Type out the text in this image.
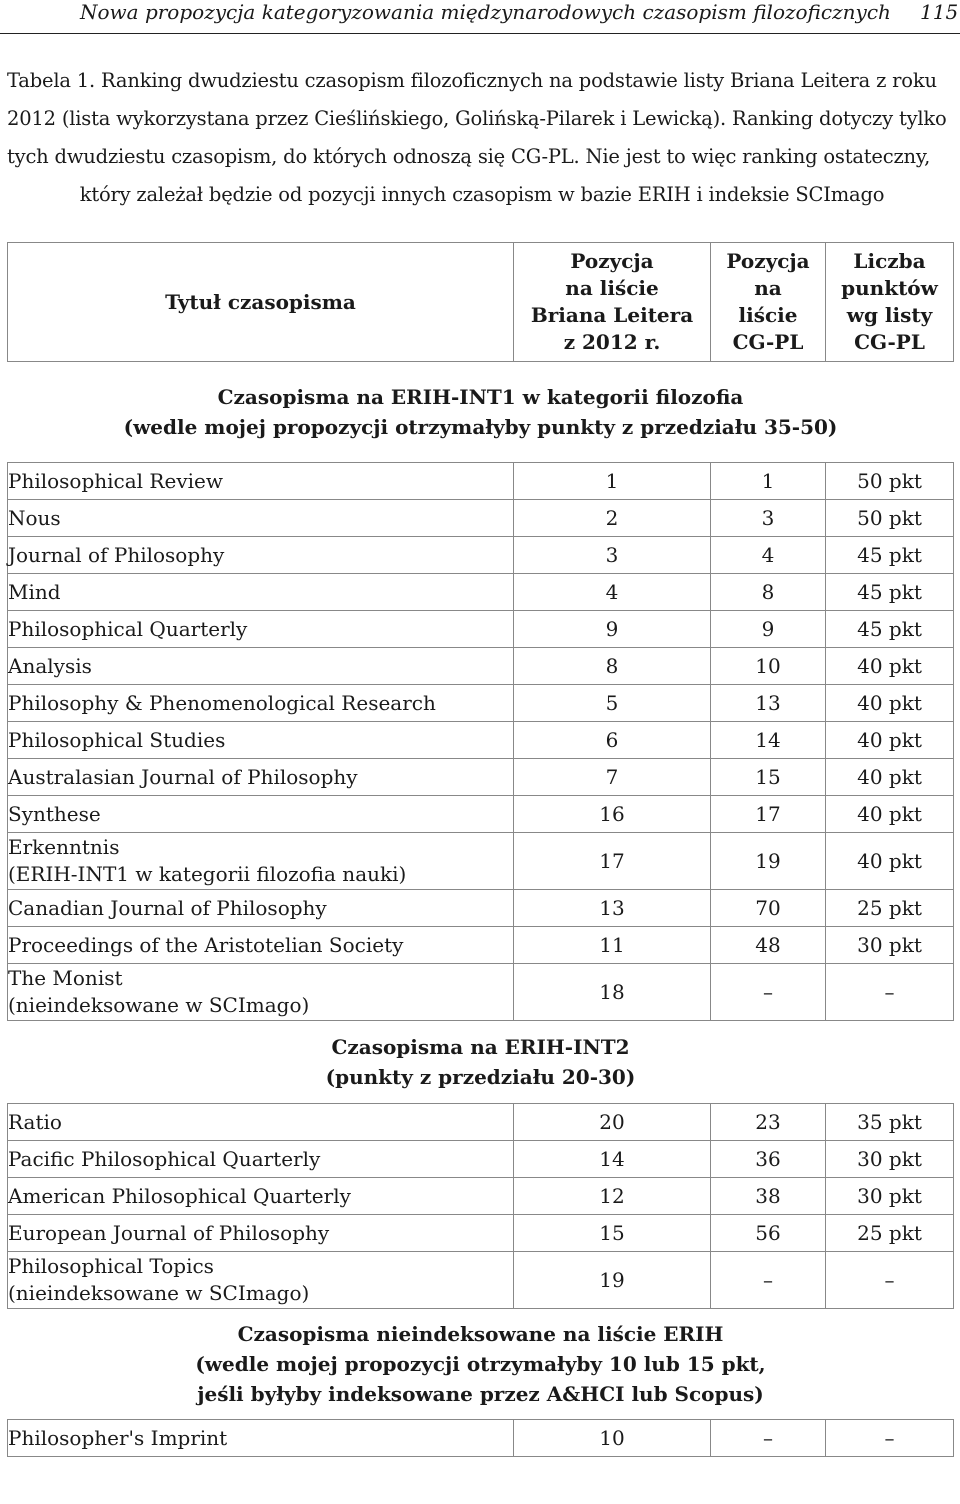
Nowa propozycja kategoryzowania międzynarodowych czasopism filozoficznych 115
Tabela 1. Ranking dwudziestu czasopism filozoficznych na podstawie listy Briana Leitera z roku
2012 (lista wykorzystana przez Cieślińskiego, Golińską-Pilarek i Lewicką). Ranking dotyczy tylko
tych dwudziestu czasopism, do których odnoszą się CG-PL. Nie jest to więc ranking ostateczny,
który zależał będzie od pozycji innych czasopism w bazie ERIH i indeksie SCImago
Tytuł czasopisma	Pozycja
na liście
Briana Leitera
z 2012 r.	Pozycja
na
liście
CG-PL	Liczba
punktów
wg listy
CG-PL

Czasopisma na ERIH-INT1 w kategorii filozofia
(wedle mojej propozycji otrzymałyby punkty z przedziału 35-50)			

Philosophical Review	1	1	50 pkt

Nous	2	3	50 pkt

Journal of Philosophy	3	4	45 pkt

Mind	4	8	45 pkt

Philosophical Quarterly	9	9	45 pkt

Analysis	8	10	40 pkt

Philosophy & Phenomenological Research	5	13	40 pkt

Philosophical Studies	6	14	40 pkt

Australasian Journal of Philosophy	7	15	40 pkt

Synthese	16	17	40 pkt

Erkenntnis
(ERIH-INT1 w kategorii filozofia nauki)	17	19	40 pkt

Canadian Journal of Philosophy	13	70	25 pkt

Proceedings of the Aristotelian Society	11	48	30 pkt

The Monist
(nieindeksowane w SCImago)	18	–	–

Czasopisma na ERIH-INT2
(punkty z przedziału 20-30)			

Ratio	20	23	35 pkt

Pacific Philosophical Quarterly	14	36	30 pkt

American Philosophical Quarterly	12	38	30 pkt

European Journal of Philosophy	15	56	25 pkt

Philosophical Topics
(nieindeksowane w SCImago)	19	–	–

Czasopisma nieindeksowane na liście ERIH
(wedle mojej propozycji otrzymałyby 10 lub 15 pkt,
jeśli byłyby indeksowane przez A&HCI lub Scopus)			

Philosopher's Imprint	10	–	–
